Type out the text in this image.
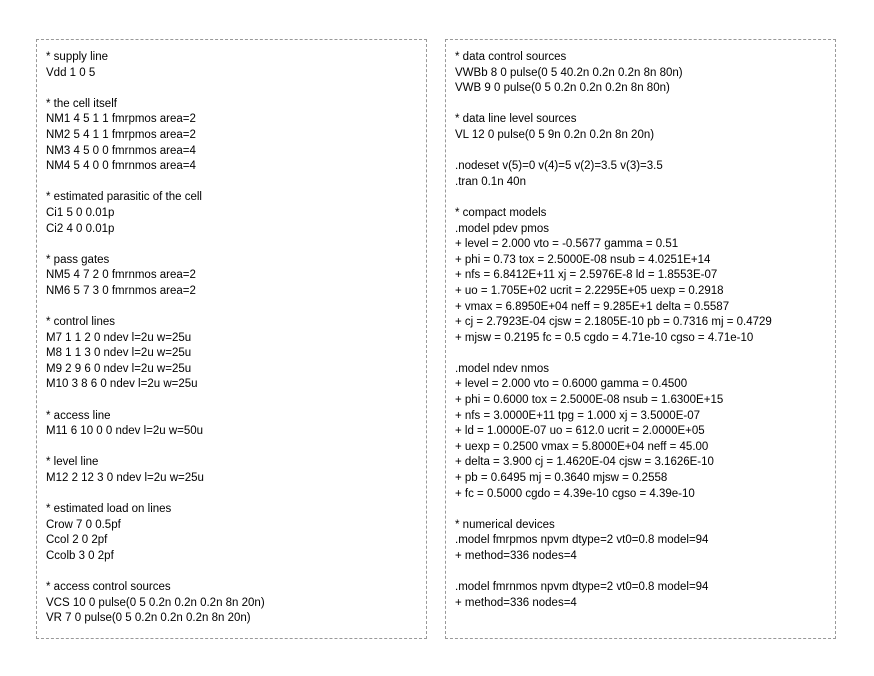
* supply line
Vdd 1 0 5
* the cell itself
NM1 4 5 1 1 fmrpmos area=2
NM2 5 4 1 1 fmrpmos area=2
NM3 4 5 0 0 fmrnmos area=4
NM4 5 4 0 0 fmrnmos area=4
* estimated parasitic of the cell
Ci1 5 0 0.01p
Ci2 4 0 0.01p
* pass gates
NM5 4 7 2 0 fmrnmos area=2
NM6 5 7 3 0 fmrnmos area=2
* control lines
M7 1 1 2 0 ndev l=2u w=25u
M8 1 1 3 0 ndev l=2u w=25u
M9 2 9 6 0 ndev l=2u w=25u
M10 3 8 6 0 ndev l=2u w=25u
* access line
M11 6 10 0 0 ndev l=2u w=50u
* level line
M12 2 12 3 0 ndev l=2u w=25u
* estimated load on lines
Crow 7 0 0.5pf
Ccol 2 0 2pf
Ccolb 3 0 2pf
* access control sources
VCS 10 0 pulse(0 5 0.2n 0.2n 0.2n 8n 20n)
VR 7 0 pulse(0 5 0.2n 0.2n 0.2n 8n 20n)
* data control sources
VWBb 8 0 pulse(0 5 40.2n 0.2n 0.2n 8n 80n)
VWB 9 0 pulse(0 5 0.2n 0.2n 0.2n 8n 80n)
* data line level sources
VL 12 0 pulse(0 5 9n 0.2n 0.2n 8n 20n)
.nodeset v(5)=0 v(4)=5 v(2)=3.5 v(3)=3.5
.tran 0.1n 40n
* compact models
.model pdev pmos
+ level = 2.000 vto = -0.5677 gamma = 0.51
+ phi = 0.73 tox = 2.5000E-08 nsub = 4.0251E+14
+ nfs = 6.8412E+11 xj = 2.5976E-8 ld = 1.8553E-07
+ uo = 1.705E+02 ucrit = 2.2295E+05 uexp = 0.2918
+ vmax = 6.8950E+04 neff = 9.285E+1 delta = 0.5587
+ cj = 2.7923E-04 cjsw = 2.1805E-10 pb = 0.7316 mj = 0.4729
+ mjsw = 0.2195 fc = 0.5 cgdo = 4.71e-10 cgso = 4.71e-10
.model ndev nmos
+ level = 2.000 vto = 0.6000 gamma = 0.4500
+ phi = 0.6000 tox = 2.5000E-08 nsub = 1.6300E+15
+ nfs = 3.0000E+11 tpg = 1.000 xj = 3.5000E-07
+ ld = 1.0000E-07 uo = 612.0 ucrit = 2.0000E+05
+ uexp = 0.2500 vmax = 5.8000E+04 neff = 45.00
+ delta = 3.900 cj = 1.4620E-04 cjsw = 3.1626E-10
+ pb = 0.6495 mj = 0.3640 mjsw = 0.2558
+ fc = 0.5000 cgdo = 4.39e-10 cgso = 4.39e-10
* numerical devices
.model fmrpmos npvm dtype=2 vt0=0.8 model=94
+ method=336 nodes=4
.model fmrnmos npvm dtype=2 vt0=0.8 model=94
+ method=336 nodes=4
